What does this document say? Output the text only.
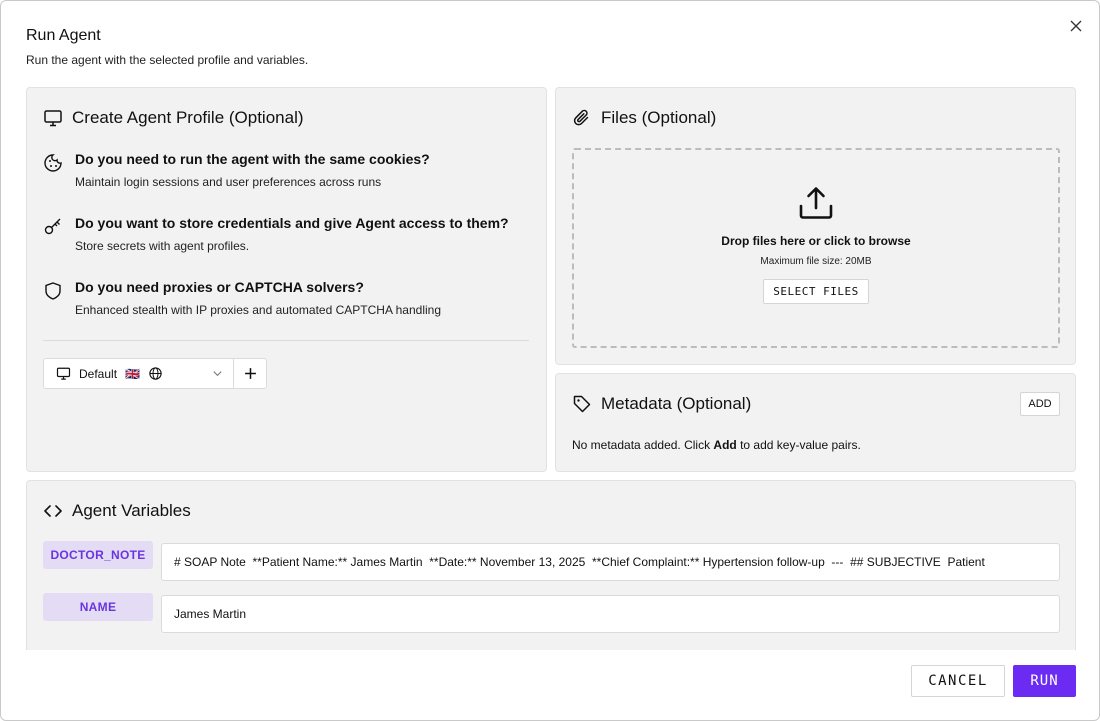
Run Agent
Run the agent with the selected profile and variables.
Create Agent Profile (Optional)
Do you need to run the agent with the same cookies?

Maintain login sessions and user preferences across runs

Do you want to store credentials and give Agent access to them?

Store secrets with agent profiles.

Do you need proxies or CAPTCHA solvers?

Enhanced stealth with IP proxies and automated CAPTCHA handling

Default 🇬🇧
Files (Optional)
Drop files here or click to browse
Maximum file size: 20MB
SELECT FILES
Metadata (Optional)	ADD
No metadata added. Click Add to add key-value pairs.
Agent Variables
DOCTOR_NOTE
# SOAP Note **Patient Name:** James Martin **Date:** November 13, 2025 **Chief Complaint:** Hypertension follow-up --- ## SUBJECTIVE Patient
NAME
James Martin
CANCEL	RUN
